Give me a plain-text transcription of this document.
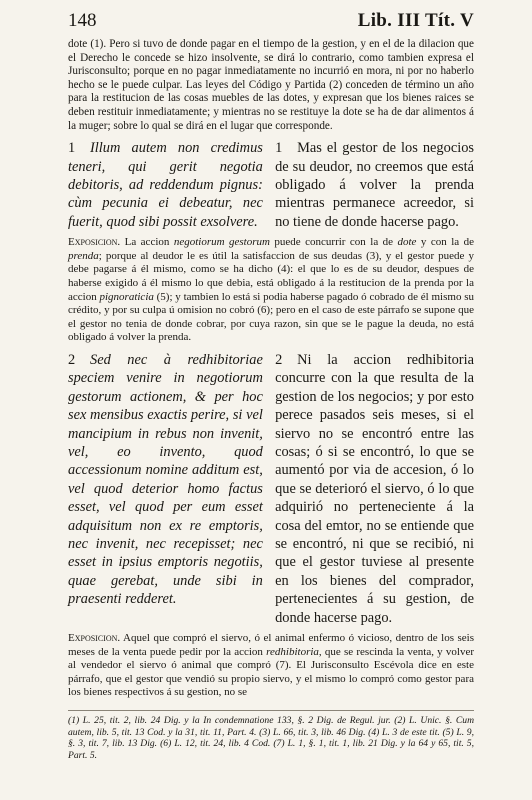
148	Lib. III Tít. V

dote (1). Pero si tuvo de donde pagar en el tiempo de la gestion, y en el de la dilacion que el Derecho le concede se hizo insolvente, se dirá lo contrario, como tambien expresa el Jurisconsulto; porque en no pagar inmediatamente no incurrió en mora, ni por no haberlo hecho se le puede culpar. Las leyes del Código y Partida (2) conceden de término un año para la restitucion de las cosas muebles de las dotes, y expresan que los bienes raices se deben restituir inmediatamente; y mientras no se restituye la dote se ha de dar alimentos á la muger; sobre lo qual se dirá en el lugar que corresponde.

1 Illum autem non credimus teneri, qui gerit negotia debitoris, ad reddendum pignus: cùm pecunia ei debeatur, nec fuerit, quod sibi possit exsolvere.

1 Mas el gestor de los negocios de su deudor, no creemos que está obligado á volver la prenda mientras permanece acreedor, si no tiene de donde hacerse pago.

Exposicion. La accion negotiorum gestorum puede concurrir con la de dote y con la de prenda; porque al deudor le es útil la satisfaccion de sus deudas (3), y el gestor puede y debe pagarse á él mismo, como se ha dicho (4): el que lo es de su deudor, despues de haberse exigido á él mismo lo que debia, está obligado á la restitucion de la prenda por la accion pignoraticia (5); y tambien lo está si podia haberse pagado ó cobrado de él mismo su crédito, y por su culpa ú omision no cobró (6); pero en el caso de este párrafo se supone que el gestor no tenia de donde cobrar, por cuya razon, sin que se le pague la deuda, no está obligado á volver la prenda.

2 Sed nec à redhibitoriae speciem venire in negotiorum gestorum actionem, & per hoc sex mensibus exactis perire, si vel mancipium in rebus non invenit, vel, eo invento, quod accessionum nomine additum est, vel quod deterior homo factus esset, vel quod per eum esset adquisitum non ex re emptoris, nec invenit, nec recepisset; nec esset in ipsius emptoris negotiis, quae gerebat, unde sibi in praesenti redderet.

2 Ni la accion redhibitoria concurre con la que resulta de la gestion de los negocios; y por esto perece pasados seis meses, si el siervo no se encontró entre las cosas; ó si se encontró, lo que se aumentó por via de accesion, ó lo que se deterioró el siervo, ó lo que adquirió no perteneciente á la cosa del emtor, no se entiende que se encontró, ni que se recibió, ni que el gestor tuviese al presente en los bienes del comprador, pertenecientes á su gestion, de donde hacerse pago.

Exposicion. Aquel que compró el siervo, ó el animal enfermo ó vicioso, dentro de los seis meses de la venta puede pedir por la accion redhibitoria, que se rescinda la venta, y volver al vendedor el siervo ó animal que compró (7). El Jurisconsulto Escévola dice en este párrafo, que el gestor que vendió su propio siervo, y el mismo lo compró como gestor para los bienes respectivos á su gestion, no se

(1) L. 25, tit. 2, lib. 24 Dig. y la In condemnatione 133, §. 2 Dig. de Regul. jur. (2) L. Unic. §. Cum autem, lib. 5, tit. 13 Cod. y la 31, tit. 11, Part. 4. (3) L. 66, tit. 3, lib. 46 Dig. (4) L. 3 de este tit. (5) L. 9, §. 3, tit. 7, lib. 13 Dig. (6) L. 12, tit. 24, lib. 4 Cod. (7) L. 1, §. 1, tit. 1, lib. 21 Dig. y la 64 y 65, tit. 5, Part. 5.
